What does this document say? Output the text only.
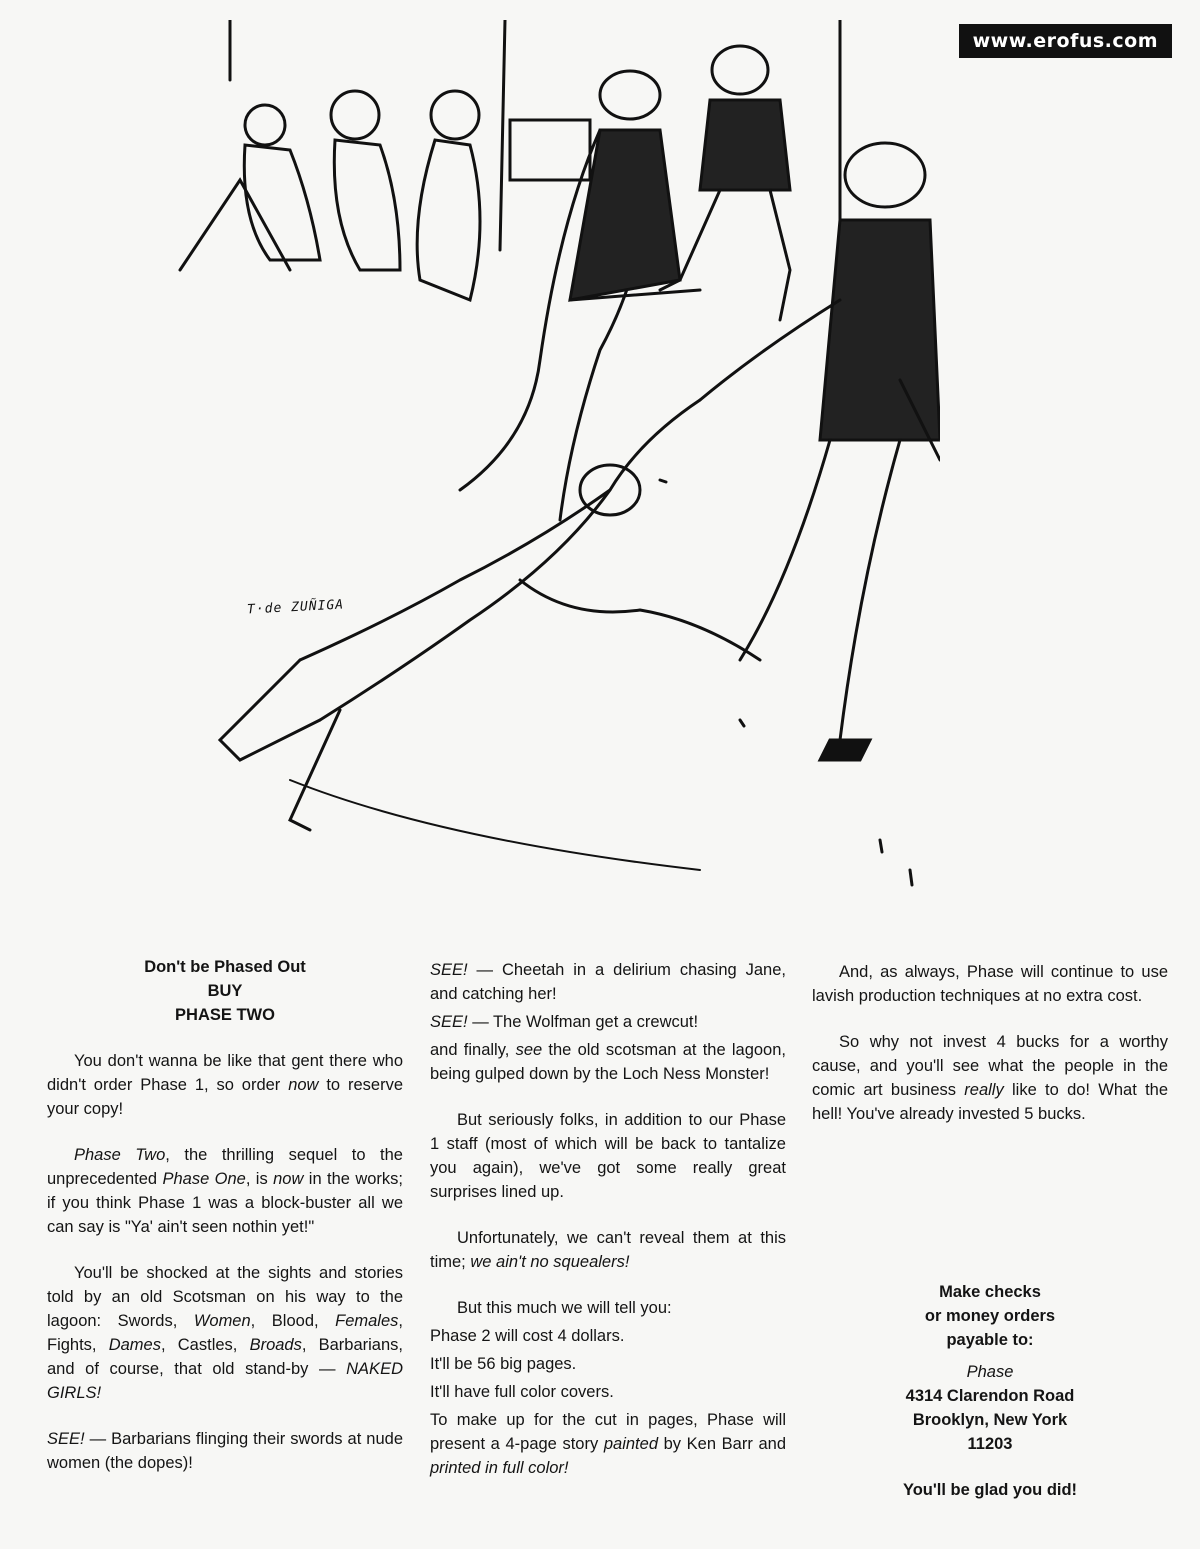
www.erofus.com
T·de ZUÑIGA

Don't be Phased Out
BUY
PHASE TWO

You don't wanna be like that gent there who didn't order Phase 1, so order now to reserve your copy!

Phase Two, the thrilling sequel to the unprecedented Phase One, is now in the works; if you think Phase 1 was a block-buster all we can say is "Ya' ain't seen nothin yet!"

You'll be shocked at the sights and stories told by an old Scotsman on his way to the lagoon: Swords, Women, Blood, Females, Fights, Dames, Castles, Broads, Barbarians, and of course, that old stand-by — NAKED GIRLS!

SEE! — Barbarians flinging their swords at nude women (the dopes)!

SEE! — Cheetah in a delirium chasing Jane, and catching her!

SEE! — The Wolfman get a crewcut!

and finally, see the old scotsman at the lagoon, being gulped down by the Loch Ness Monster!

But seriously folks, in addition to our Phase 1 staff (most of which will be back to tantalize you again), we've got some really great surprises lined up.

Unfortunately, we can't reveal them at this time; we ain't no squealers!

But this much we will tell you:

Phase 2 will cost 4 dollars.

It'll be 56 big pages.

It'll have full color covers.

To make up for the cut in pages, Phase will present a 4-page story painted by Ken Barr and printed in full color!

And, as always, Phase will continue to use lavish production techniques at no extra cost.

So why not invest 4 bucks for a worthy cause, and you'll see what the people in the comic art business really like to do! What the hell! You've already invested 5 bucks.

Make checks
or money orders
payable to:
Phase
4314 Clarendon Road
Brooklyn, New York
11203
You'll be glad you did!
